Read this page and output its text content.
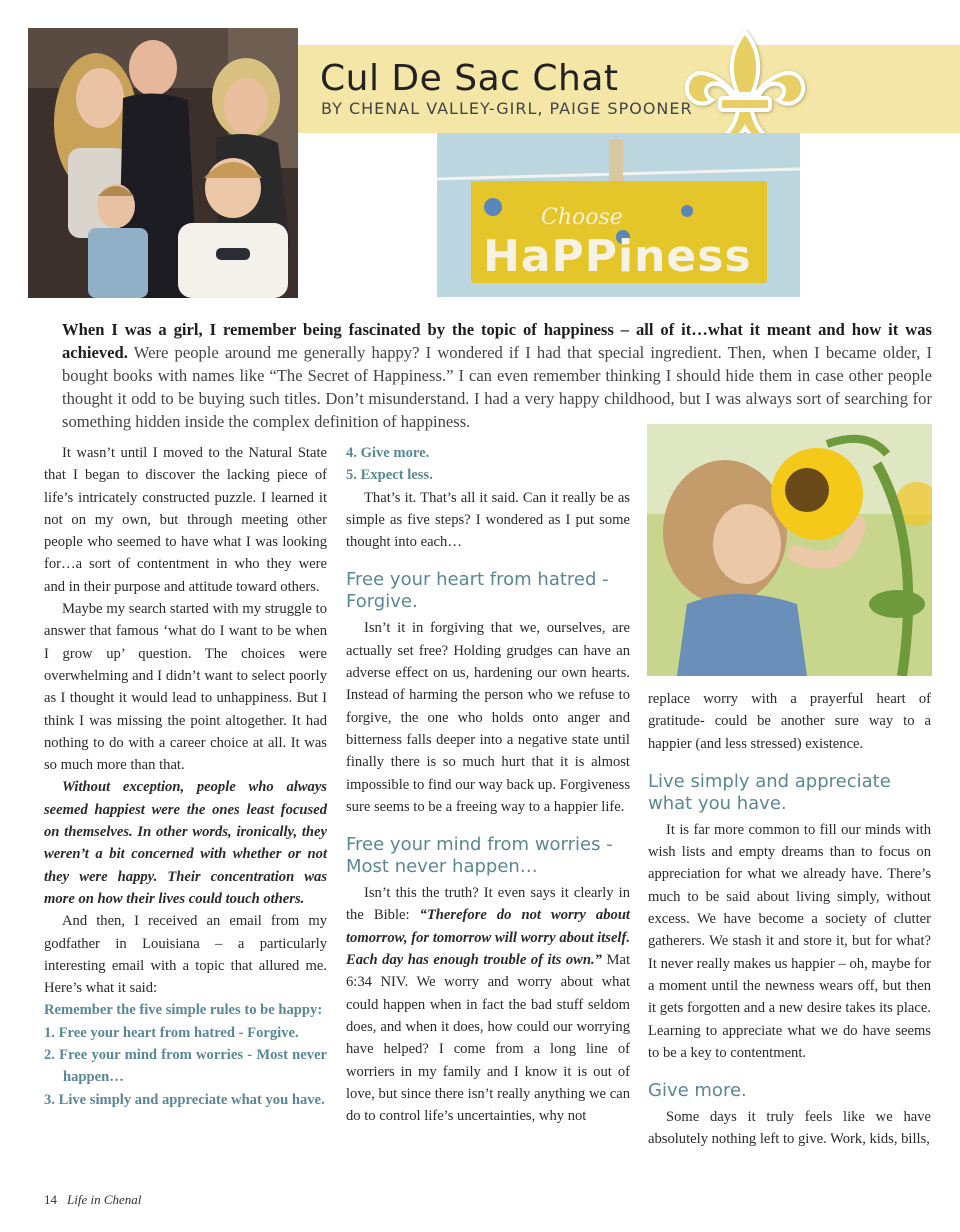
Cul De Sac Chat
BY CHENAL VALLEY-GIRL, PAIGE SPOONER
Choose
HaPPiness

When I was a girl, I remember being fascinated by the topic of happiness – all of it…what it meant and how it was achieved. Were people around me generally happy? I wondered if I had that special ingredient. Then, when I became older, I bought books with names like “The Secret of Happiness.” I can even remember thinking I should hide them in case other people thought it odd to be buying such titles. Don’t misunderstand. I had a very happy childhood, but I was always sort of searching for something hidden inside the complex definition of happiness.

It wasn’t until I moved to the Natural State that I began to discover the lacking piece of life’s intricately constructed puzzle. I learned it not on my own, but through meeting other people who seemed to have what I was looking for…a sort of contentment in who they were and in their purpose and attitude toward others.

Maybe my search started with my struggle to answer that famous ‘what do I want to be when I grow up’ question. The choices were overwhelming and I didn’t want to select poorly as I thought it would lead to unhappiness. But I think I was missing the point altogether. It had nothing to do with a career choice at all. It was so much more than that.

Without exception, people who always seemed happiest were the ones least focused on themselves. In other words, ironically, they weren’t a bit concerned with whether or not they were happy. Their concentration was more on how their lives could touch others.

And then, I received an email from my godfather in Louisiana – a particularly interesting email with a topic that allured me. Here’s what it said:

Remember the five simple rules to be happy:

1. Free your heart from hatred - Forgive.
2. Free your mind from worries - Most never happen…
3. Live simply and appreciate what you have.
4. Give more.
5. Expect less.

That’s it. That’s all it said. Can it really be as simple as five steps? I wondered as I put some thought into each…

Free your heart from hatred - Forgive.

Isn’t it in forgiving that we, ourselves, are actually set free? Holding grudges can have an adverse effect on us, hardening our own hearts. Instead of harming the person who we refuse to forgive, the one who holds onto anger and bitterness falls deeper into a negative state until finally there is so much hurt that it is almost impossible to find our way back up. Forgiveness sure seems to be a freeing way to a happier life.

Free your mind from worries - Most never happen…

Isn’t this the truth? It even says it clearly in the Bible: “Therefore do not worry about tomorrow, for tomorrow will worry about itself. Each day has enough trouble of its own.” Mat 6:34 NIV. We worry and worry about what could happen when in fact the bad stuff seldom does, and when it does, how could our worrying have helped? I come from a long line of worriers in my family and I know it is out of love, but since there isn’t really anything we can do to control life’s uncertainties, why not

replace worry with a prayerful heart of gratitude- could be another sure way to a happier (and less stressed) existence.

Live simply and appreciate what you have.

It is far more common to fill our minds with wish lists and empty dreams than to focus on appreciation for what we already have. There’s much to be said about living simply, without excess. We have become a society of clutter gatherers. We stash it and store it, but for what? It never really makes us happier – oh, maybe for a moment until the newness wears off, but then it gets forgotten and a new desire takes its place. Learning to appreciate what we do have seems to be a key to contentment.

Give more.

Some days it truly feels like we have absolutely nothing left to give. Work, kids, bills,

14 Life in Chenal
